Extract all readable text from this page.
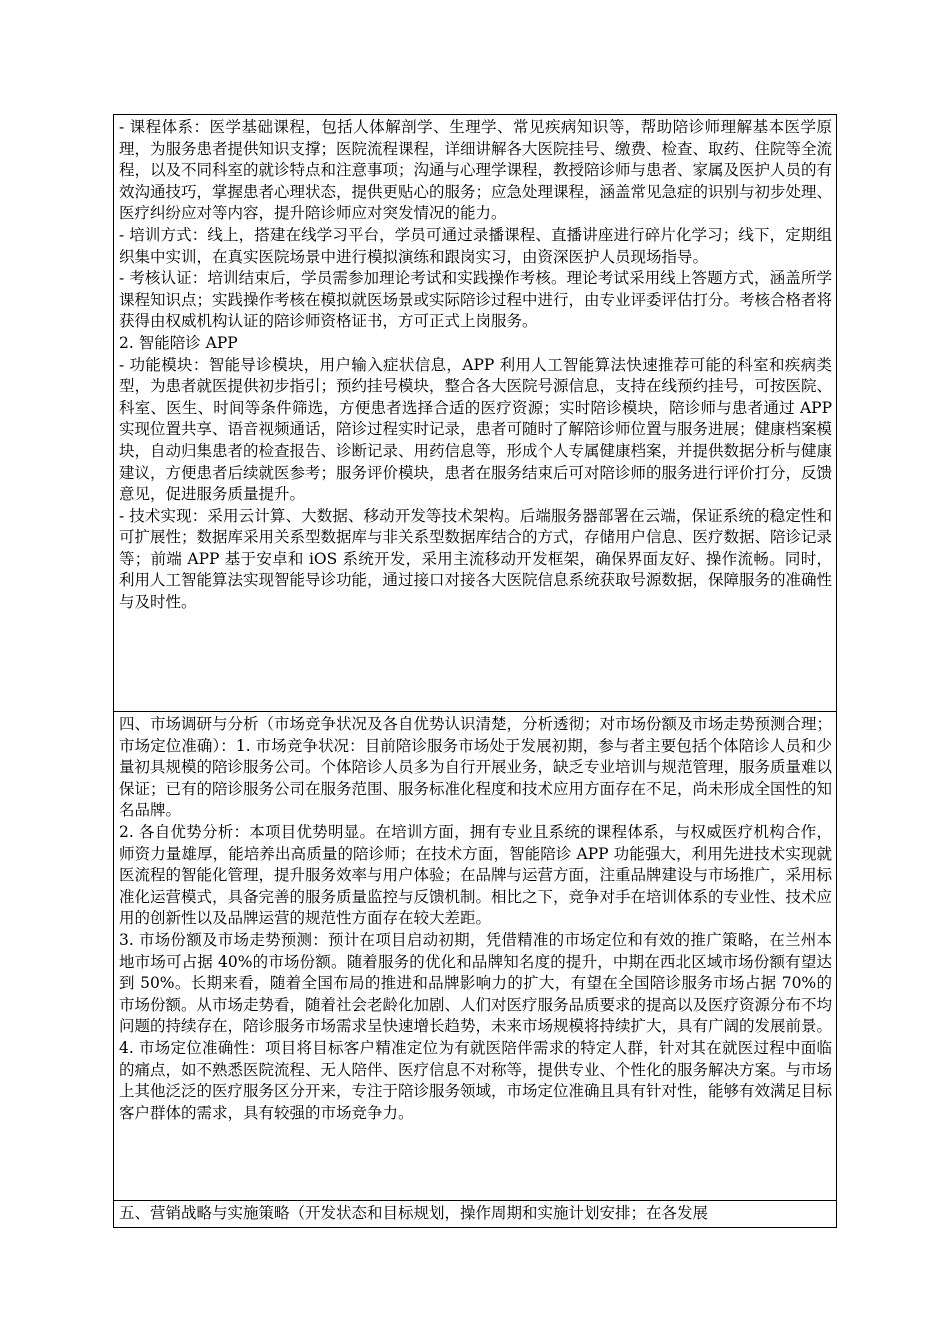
- 课程体系：医学基础课程，包括人体解剖学、生理学、常见疾病知识等，帮助陪诊师理解基本医学原理，为服务患者提供知识支撑；医院流程课程，详细讲解各大医院挂号、缴费、检查、取药、住院等全流程，以及不同科室的就诊特点和注意事项；沟通与心理学课程，教授陪诊师与患者、家属及医护人员的有效沟通技巧，掌握患者心理状态，提供更贴心的服务；应急处理课程，涵盖常见急症的识别与初步处理、医疗纠纷应对等内容，提升陪诊师应对突发情况的能力。

- 培训方式：线上，搭建在线学习平台，学员可通过录播课程、直播讲座进行碎片化学习；线下，定期组织集中实训，在真实医院场景中进行模拟演练和跟岗实习，由资深医护人员现场指导。

- 考核认证：培训结束后，学员需参加理论考试和实践操作考核。理论考试采用线上答题方式，涵盖所学课程知识点；实践操作考核在模拟就医场景或实际陪诊过程中进行，由专业评委评估打分。考核合格者将获得由权威机构认证的陪诊师资格证书，方可正式上岗服务。

2. 智能陪诊 APP

- 功能模块：智能导诊模块，用户输入症状信息，APP 利用人工智能算法快速推荐可能的科室和疾病类型，为患者就医提供初步指引；预约挂号模块，整合各大医院号源信息，支持在线预约挂号，可按医院、科室、医生、时间等条件筛选，方便患者选择合适的医疗资源；实时陪诊模块，陪诊师与患者通过 APP 实现位置共享、语音视频通话，陪诊过程实时记录，患者可随时了解陪诊师位置与服务进展；健康档案模块，自动归集患者的检查报告、诊断记录、用药信息等，形成个人专属健康档案，并提供数据分析与健康建议，方便患者后续就医参考；服务评价模块，患者在服务结束后可对陪诊师的服务进行评价打分，反馈意见，促进服务质量提升。

- 技术实现：采用云计算、大数据、移动开发等技术架构。后端服务器部署在云端，保证系统的稳定性和可扩展性；数据库采用关系型数据库与非关系型数据库结合的方式，存储用户信息、医疗数据、陪诊记录等；前端 APP 基于安卓和 iOS 系统开发，采用主流移动开发框架，确保界面友好、操作流畅。同时，利用人工智能算法实现智能导诊功能，通过接口对接各大医院信息系统获取号源数据，保障服务的准确性与及时性。

四、市场调研与分析（市场竞争状况及各自优势认识清楚，分析透彻；对市场份额及市场走势预测合理；市场定位准确）：1. 市场竞争状况：目前陪诊服务市场处于发展初期，参与者主要包括个体陪诊人员和少量初具规模的陪诊服务公司。个体陪诊人员多为自行开展业务，缺乏专业培训与规范管理，服务质量难以保证；已有的陪诊服务公司在服务范围、服务标准化程度和技术应用方面存在不足，尚未形成全国性的知名品牌。

2. 各自优势分析：本项目优势明显。在培训方面，拥有专业且系统的课程体系，与权威医疗机构合作，师资力量雄厚，能培养出高质量的陪诊师；在技术方面，智能陪诊 APP 功能强大，利用先进技术实现就医流程的智能化管理，提升服务效率与用户体验；在品牌与运营方面，注重品牌建设与市场推广，采用标准化运营模式，具备完善的服务质量监控与反馈机制。相比之下，竞争对手在培训体系的专业性、技术应用的创新性以及品牌运营的规范性方面存在较大差距。

3. 市场份额及市场走势预测：预计在项目启动初期，凭借精准的市场定位和有效的推广策略，在兰州本地市场可占据 40%的市场份额。随着服务的优化和品牌知名度的提升，中期在西北区域市场份额有望达到 50%。长期来看，随着全国布局的推进和品牌影响力的扩大，有望在全国陪诊服务市场占据 70%的市场份额。从市场走势看，随着社会老龄化加剧、人们对医疗服务品质要求的提高以及医疗资源分布不均问题的持续存在，陪诊服务市场需求呈快速增长趋势，未来市场规模将持续扩大，具有广阔的发展前景。

4. 市场定位准确性：项目将目标客户精准定位为有就医陪伴需求的特定人群，针对其在就医过程中面临的痛点，如不熟悉医院流程、无人陪伴、医疗信息不对称等，提供专业、个性化的服务解决方案。与市场上其他泛泛的医疗服务区分开来，专注于陪诊服务领域，市场定位准确且具有针对性，能够有效满足目标客户群体的需求，具有较强的市场竞争力。

五、营销战略与实施策略（开发状态和目标规划，操作周期和实施计划安排；在各发展
